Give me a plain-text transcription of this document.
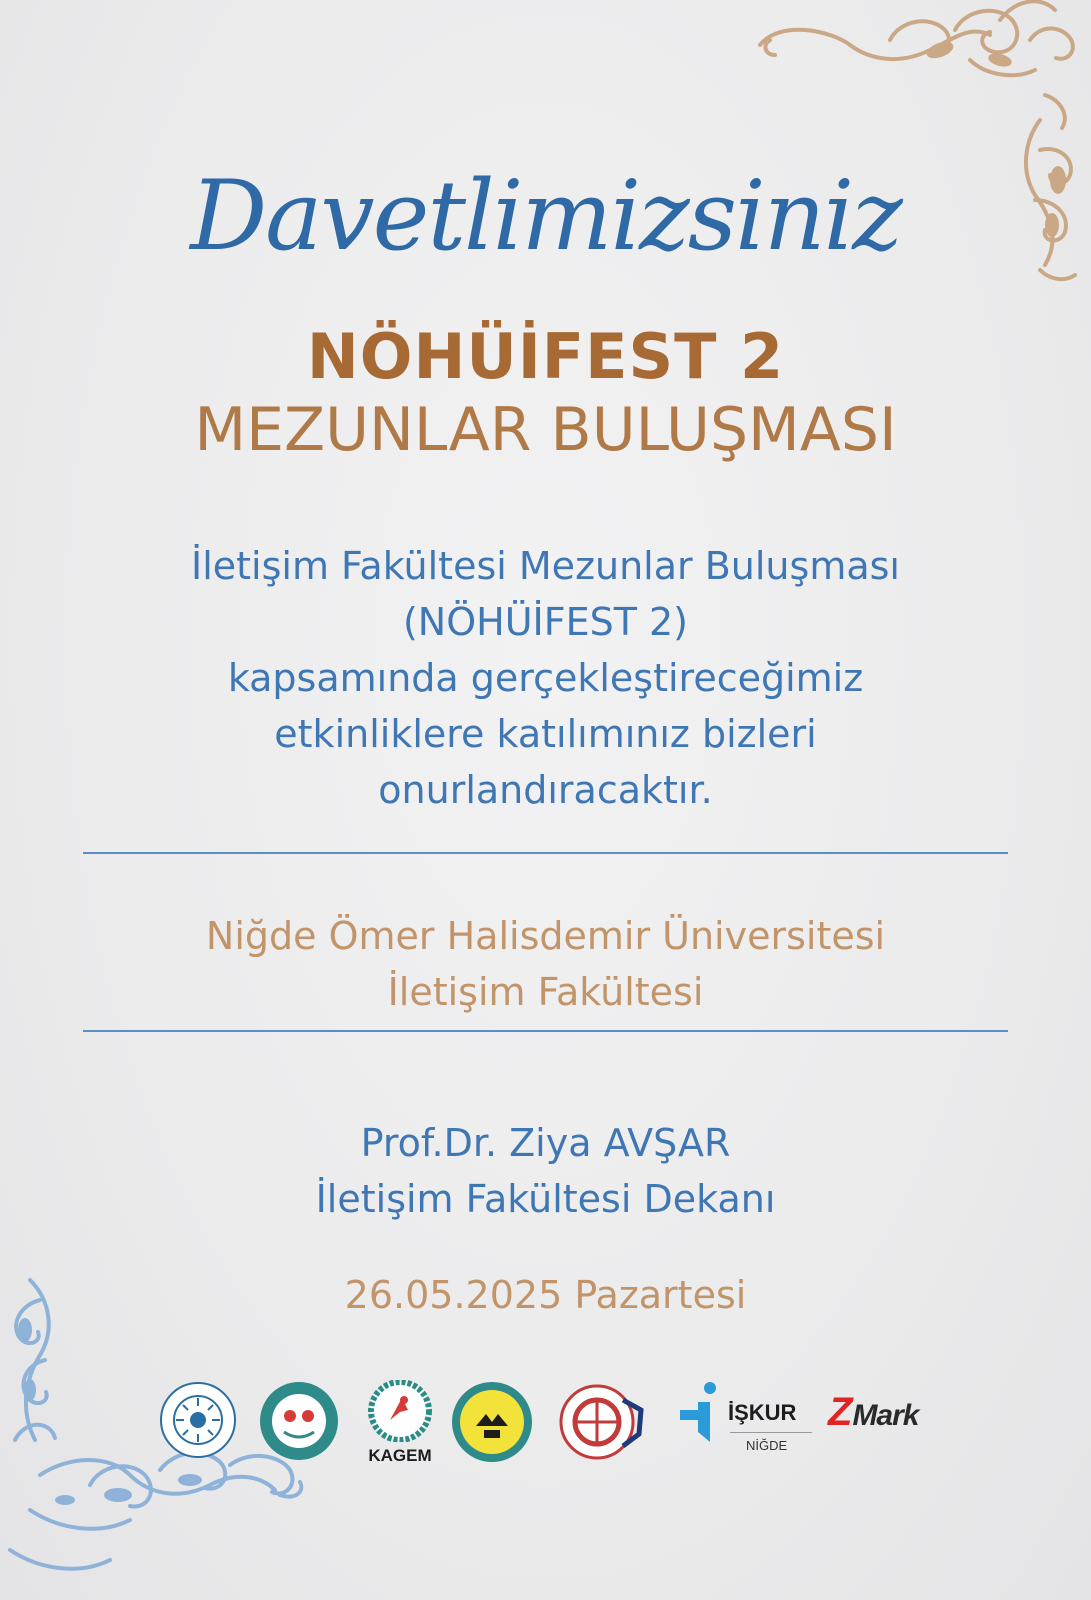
Davetlimizsiniz
NÖHÜİFEST 2
MEZUNLAR BULUŞMASI
İletişim Fakültesi Mezunlar Buluşması
(NÖHÜİFEST 2)
kapsamında gerçekleştireceğimiz
etkinliklere katılımınız bizleri
onurlandıracaktır.
Niğde Ömer Halisdemir Üniversitesi
İletişim Fakültesi
Prof.Dr. Ziya AVŞAR
İletişim Fakültesi Dekanı
26.05.2025 Pazartesi
KAGEM
İŞKUR
NİĞDE
ZMark
